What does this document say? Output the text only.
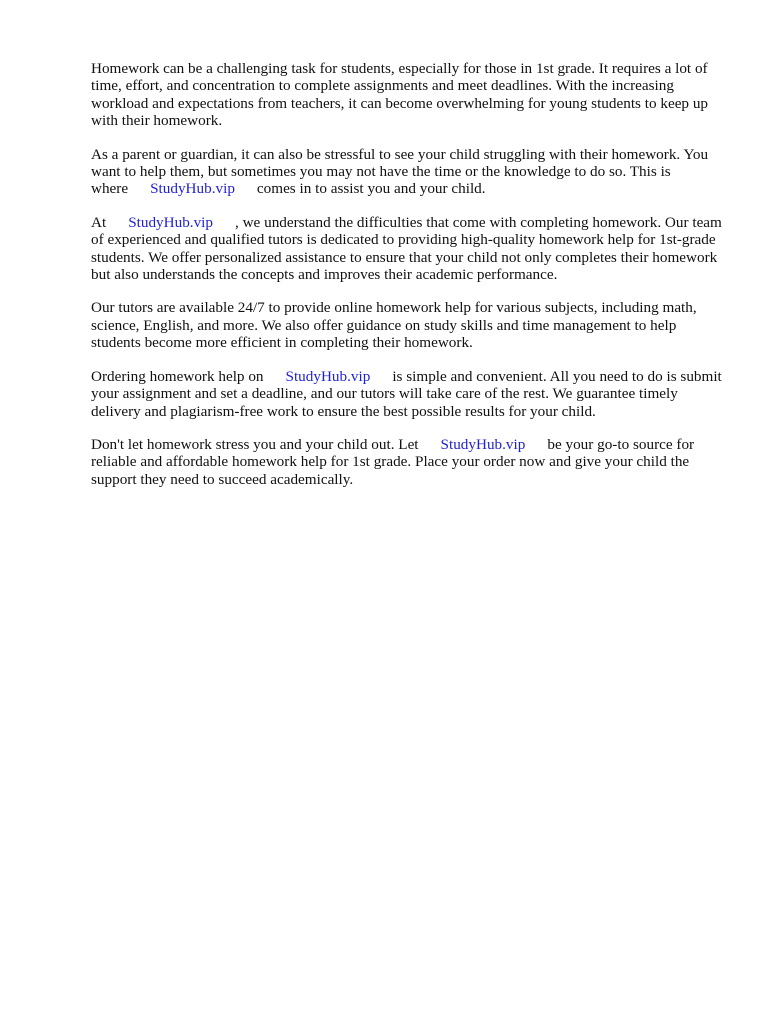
Homework can be a challenging task for students, especially for those in 1st grade. It requires a lot of time, effort, and concentration to complete assignments and meet deadlines. With the increasing workload and expectations from teachers, it can become overwhelming for young students to keep up with their homework.

As a parent or guardian, it can also be stressful to see your child struggling with their homework. You want to help them, but sometimes you may not have the time or the knowledge to do so. This is where StudyHub.vip comes in to assist you and your child.

At StudyHub.vip , we understand the difficulties that come with completing homework. Our team of experienced and qualified tutors is dedicated to providing high-quality homework help for 1st-grade students. We offer personalized assistance to ensure that your child not only completes their homework but also understands the concepts and improves their academic performance.

Our tutors are available 24/7 to provide online homework help for various subjects, including math, science, English, and more. We also offer guidance on study skills and time management to help students become more efficient in completing their homework.

Ordering homework help on StudyHub.vip is simple and convenient. All you need to do is submit your assignment and set a deadline, and our tutors will take care of the rest. We guarantee timely delivery and plagiarism-free work to ensure the best possible results for your child.

Don't let homework stress you and your child out. Let StudyHub.vip be your go-to source for reliable and affordable homework help for 1st grade. Place your order now and give your child the support they need to succeed academically.
